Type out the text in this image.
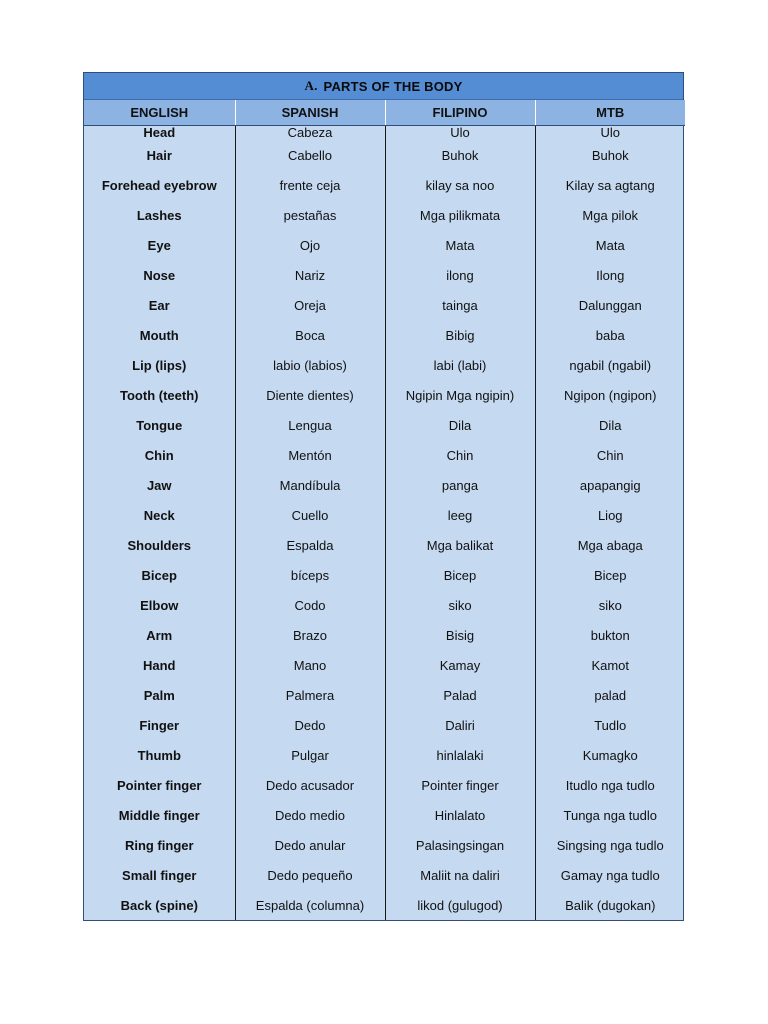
A. PARTS OF THE BODY
ENGLISH	SPANISH	FILIPINO	MTB
Head	Cabeza	Ulo	Ulo
Hair	Cabello	Buhok	Buhok
Forehead eyebrow	frente ceja	kilay sa noo	Kilay sa agtang
Lashes	pestañas	Mga pilikmata	Mga pilok
Eye	Ojo	Mata	Mata
Nose	Nariz	ilong	Ilong
Ear	Oreja	tainga	Dalunggan
Mouth	Boca	Bibig	baba
Lip (lips)	labio (labios)	labi (labi)	ngabil (ngabil)
Tooth (teeth)	Diente dientes)	Ngipin Mga ngipin)	Ngipon (ngipon)
Tongue	Lengua	Dila	Dila
Chin	Mentón	Chin	Chin
Jaw	Mandíbula	panga	apapangig
Neck	Cuello	leeg	Liog
Shoulders	Espalda	Mga balikat	Mga abaga
Bicep	bíceps	Bicep	Bicep
Elbow	Codo	siko	siko
Arm	Brazo	Bisig	bukton
Hand	Mano	Kamay	Kamot
Palm	Palmera	Palad	palad
Finger	Dedo	Daliri	Tudlo
Thumb	Pulgar	hinlalaki	Kumagko
Pointer finger	Dedo acusador	Pointer finger	Itudlo nga tudlo
Middle finger	Dedo medio	Hinlalato	Tunga nga tudlo
Ring finger	Dedo anular	Palasingsingan	Singsing nga tudlo
Small finger	Dedo pequeño	Maliit na daliri	Gamay nga tudlo
Back (spine)	Espalda (columna)	likod (gulugod)	Balik (dugokan)
